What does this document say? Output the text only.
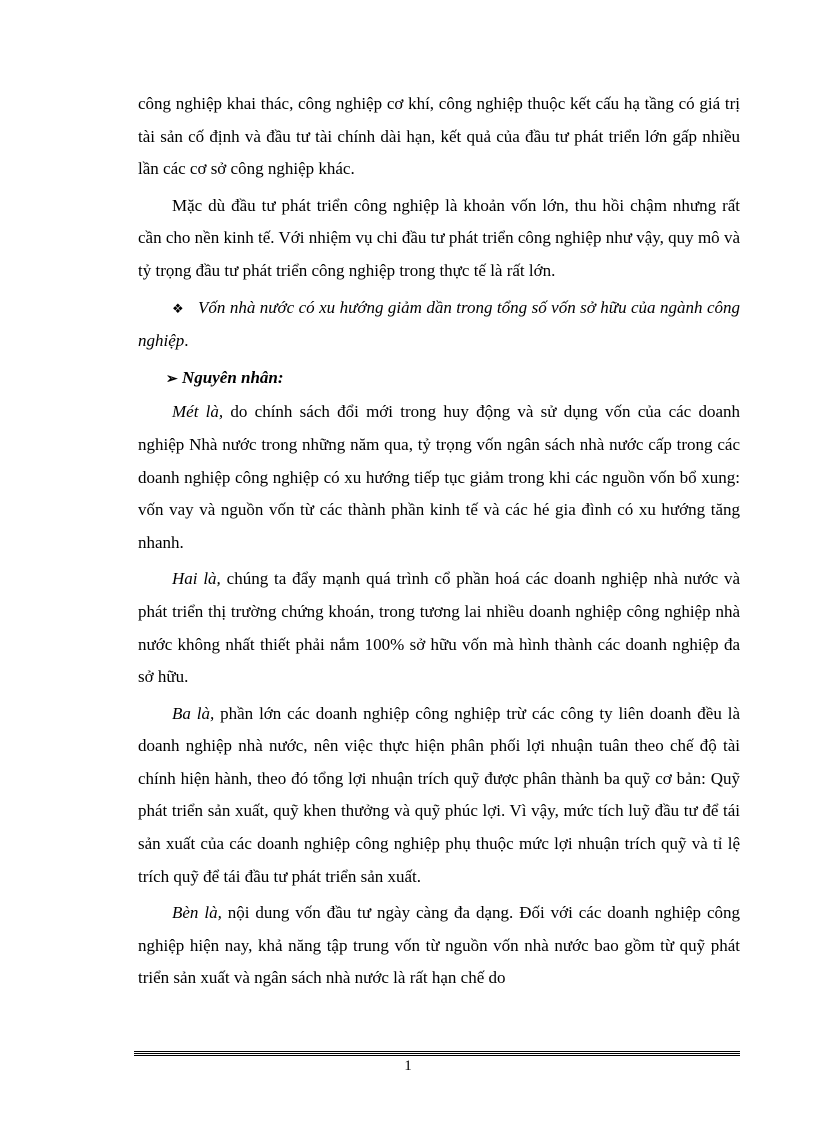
công nghiệp khai thác, công nghiệp cơ khí, công nghiệp thuộc kết cấu hạ tầng có giá trị tài sản cố định và đầu tư tài chính dài hạn, kết quả của đầu tư phát triển lớn gấp nhiều lần các cơ sở công nghiệp khác.

Mặc dù đầu tư phát triển công nghiệp là khoản vốn lớn, thu hồi chậm nhưng rất cần cho nền kinh tế. Với nhiệm vụ chi đầu tư phát triển công nghiệp như vậy, quy mô và tỷ trọng đầu tư phát triển công nghiệp trong thực tế là rất lớn.

❖ Vốn nhà nước có xu hướng giảm dần trong tổng số vốn sở hữu của ngành công nghiệp.

➢ Nguyên nhân:

Mét là, do chính sách đổi mới trong huy động và sử dụng vốn của các doanh nghiệp Nhà nước trong những năm qua, tỷ trọng vốn ngân sách nhà nước cấp trong các doanh nghiệp công nghiệp có xu hướng tiếp tục giảm trong khi các nguồn vốn bổ xung: vốn vay và nguồn vốn từ các thành phần kinh tế và các hé gia đình có xu hướng tăng nhanh.

Hai là, chúng ta đẩy mạnh quá trình cổ phần hoá các doanh nghiệp nhà nước và phát triển thị trường chứng khoán, trong tương lai nhiều doanh nghiệp công nghiệp nhà nước không nhất thiết phải nắm 100% sở hữu vốn mà hình thành các doanh nghiệp đa sở hữu.

Ba là, phần lớn các doanh nghiệp công nghiệp trừ các công ty liên doanh đều là doanh nghiệp nhà nước, nên việc thực hiện phân phối lợi nhuận tuân theo chế độ tài chính hiện hành, theo đó tổng lợi nhuận trích quỹ được phân thành ba quỹ cơ bản: Quỹ phát triển sản xuất, quỹ khen thưởng và quỹ phúc lợi. Vì vậy, mức tích luỹ đầu tư để tái sản xuất của các doanh nghiệp công nghiệp phụ thuộc mức lợi nhuận trích quỹ và tỉ lệ trích quỹ để tái đầu tư phát triển sản xuất.

Bèn là, nội dung vốn đầu tư ngày càng đa dạng. Đối với các doanh nghiệp công nghiệp hiện nay, khả năng tập trung vốn từ nguồn vốn nhà nước bao gồm từ quỹ phát triển sản xuất và ngân sách nhà nước là rất hạn chế do

1
